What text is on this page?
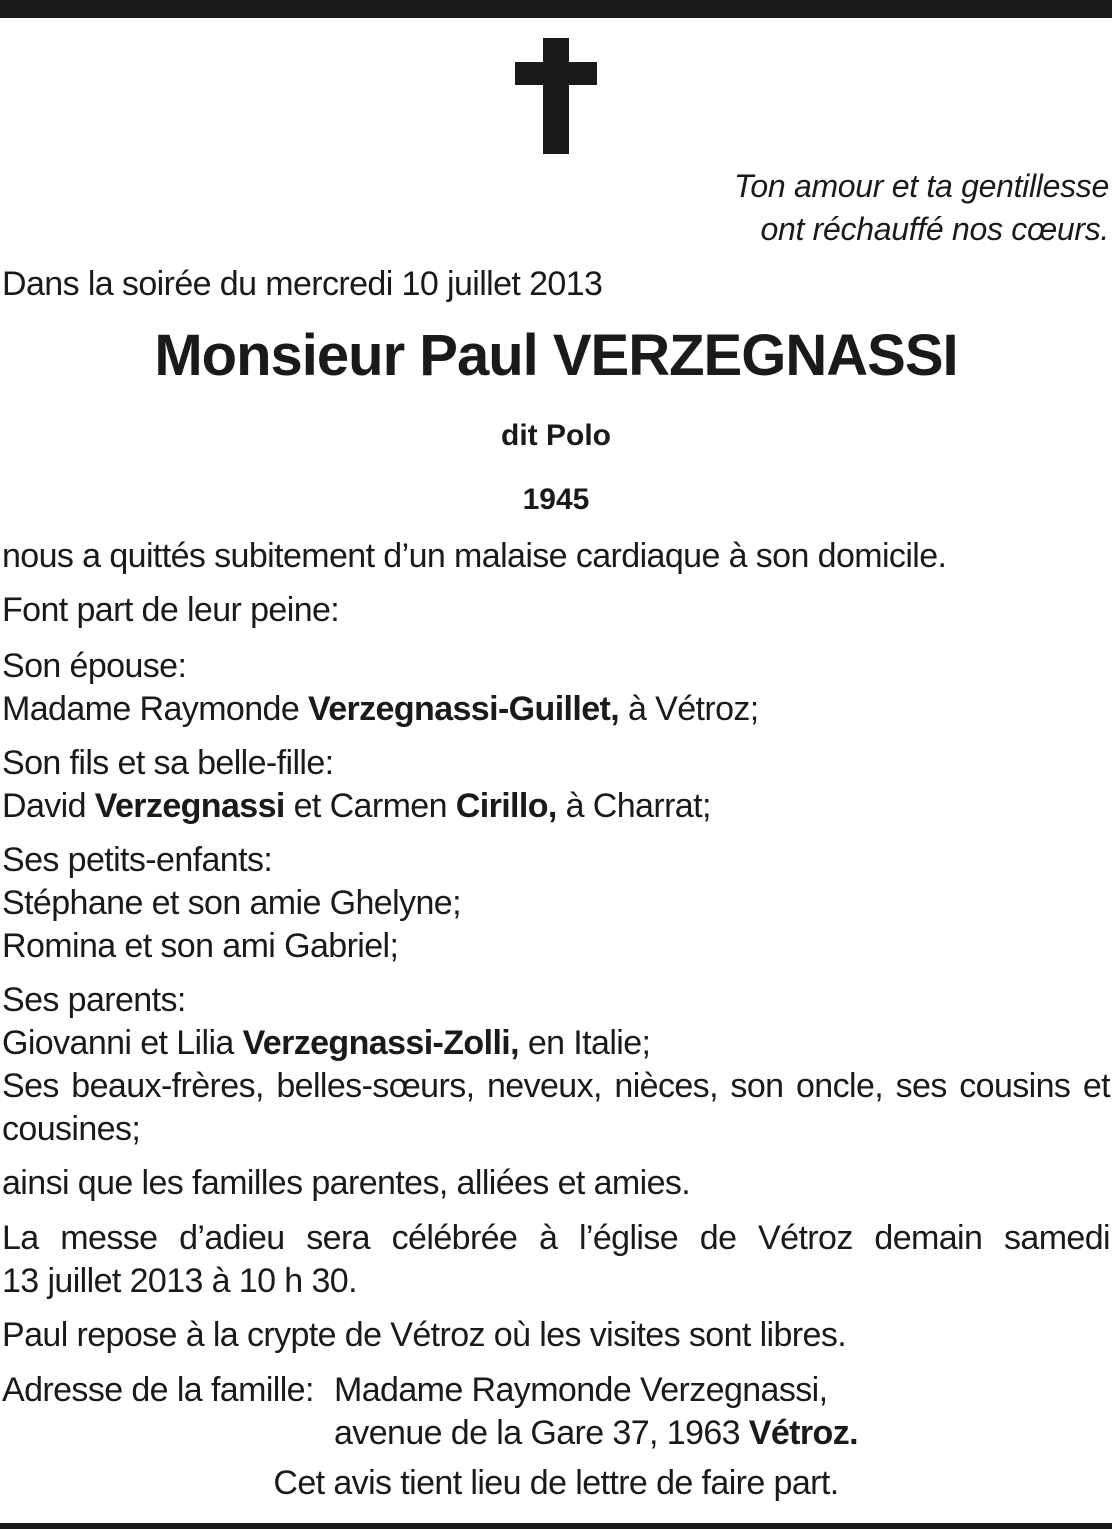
Ton amour et ta gentillesse
ont réchauffé nos cœurs.
Dans la soirée du mercredi 10 juillet 2013
Monsieur Paul VERZEGNASSI
dit Polo
1945
nous a quittés subitement d’un malaise cardiaque à son domicile.
Font part de leur peine:
Son épouse:
Madame Raymonde Verzegnassi-Guillet, à Vétroz;
Son fils et sa belle-fille:
David Verzegnassi et Carmen Cirillo, à Charrat;
Ses petits-enfants:
Stéphane et son amie Ghelyne;
Romina et son ami Gabriel;
Ses parents:
Giovanni et Lilia Verzegnassi-Zolli, en Italie;
Ses beaux-frères, belles-sœurs, neveux, nièces, son oncle, ses cousins et
cousines;
ainsi que les familles parentes, alliées et amies.
La messe d’adieu sera célébrée à l’église de Vétroz demain samedi
13 juillet 2013 à 10 h 30.
Paul repose à la crypte de Vétroz où les visites sont libres.
Adresse de la famille: Madame Raymonde Verzegnassi,
avenue de la Gare 37, 1963 Vétroz.
Cet avis tient lieu de lettre de faire part.
